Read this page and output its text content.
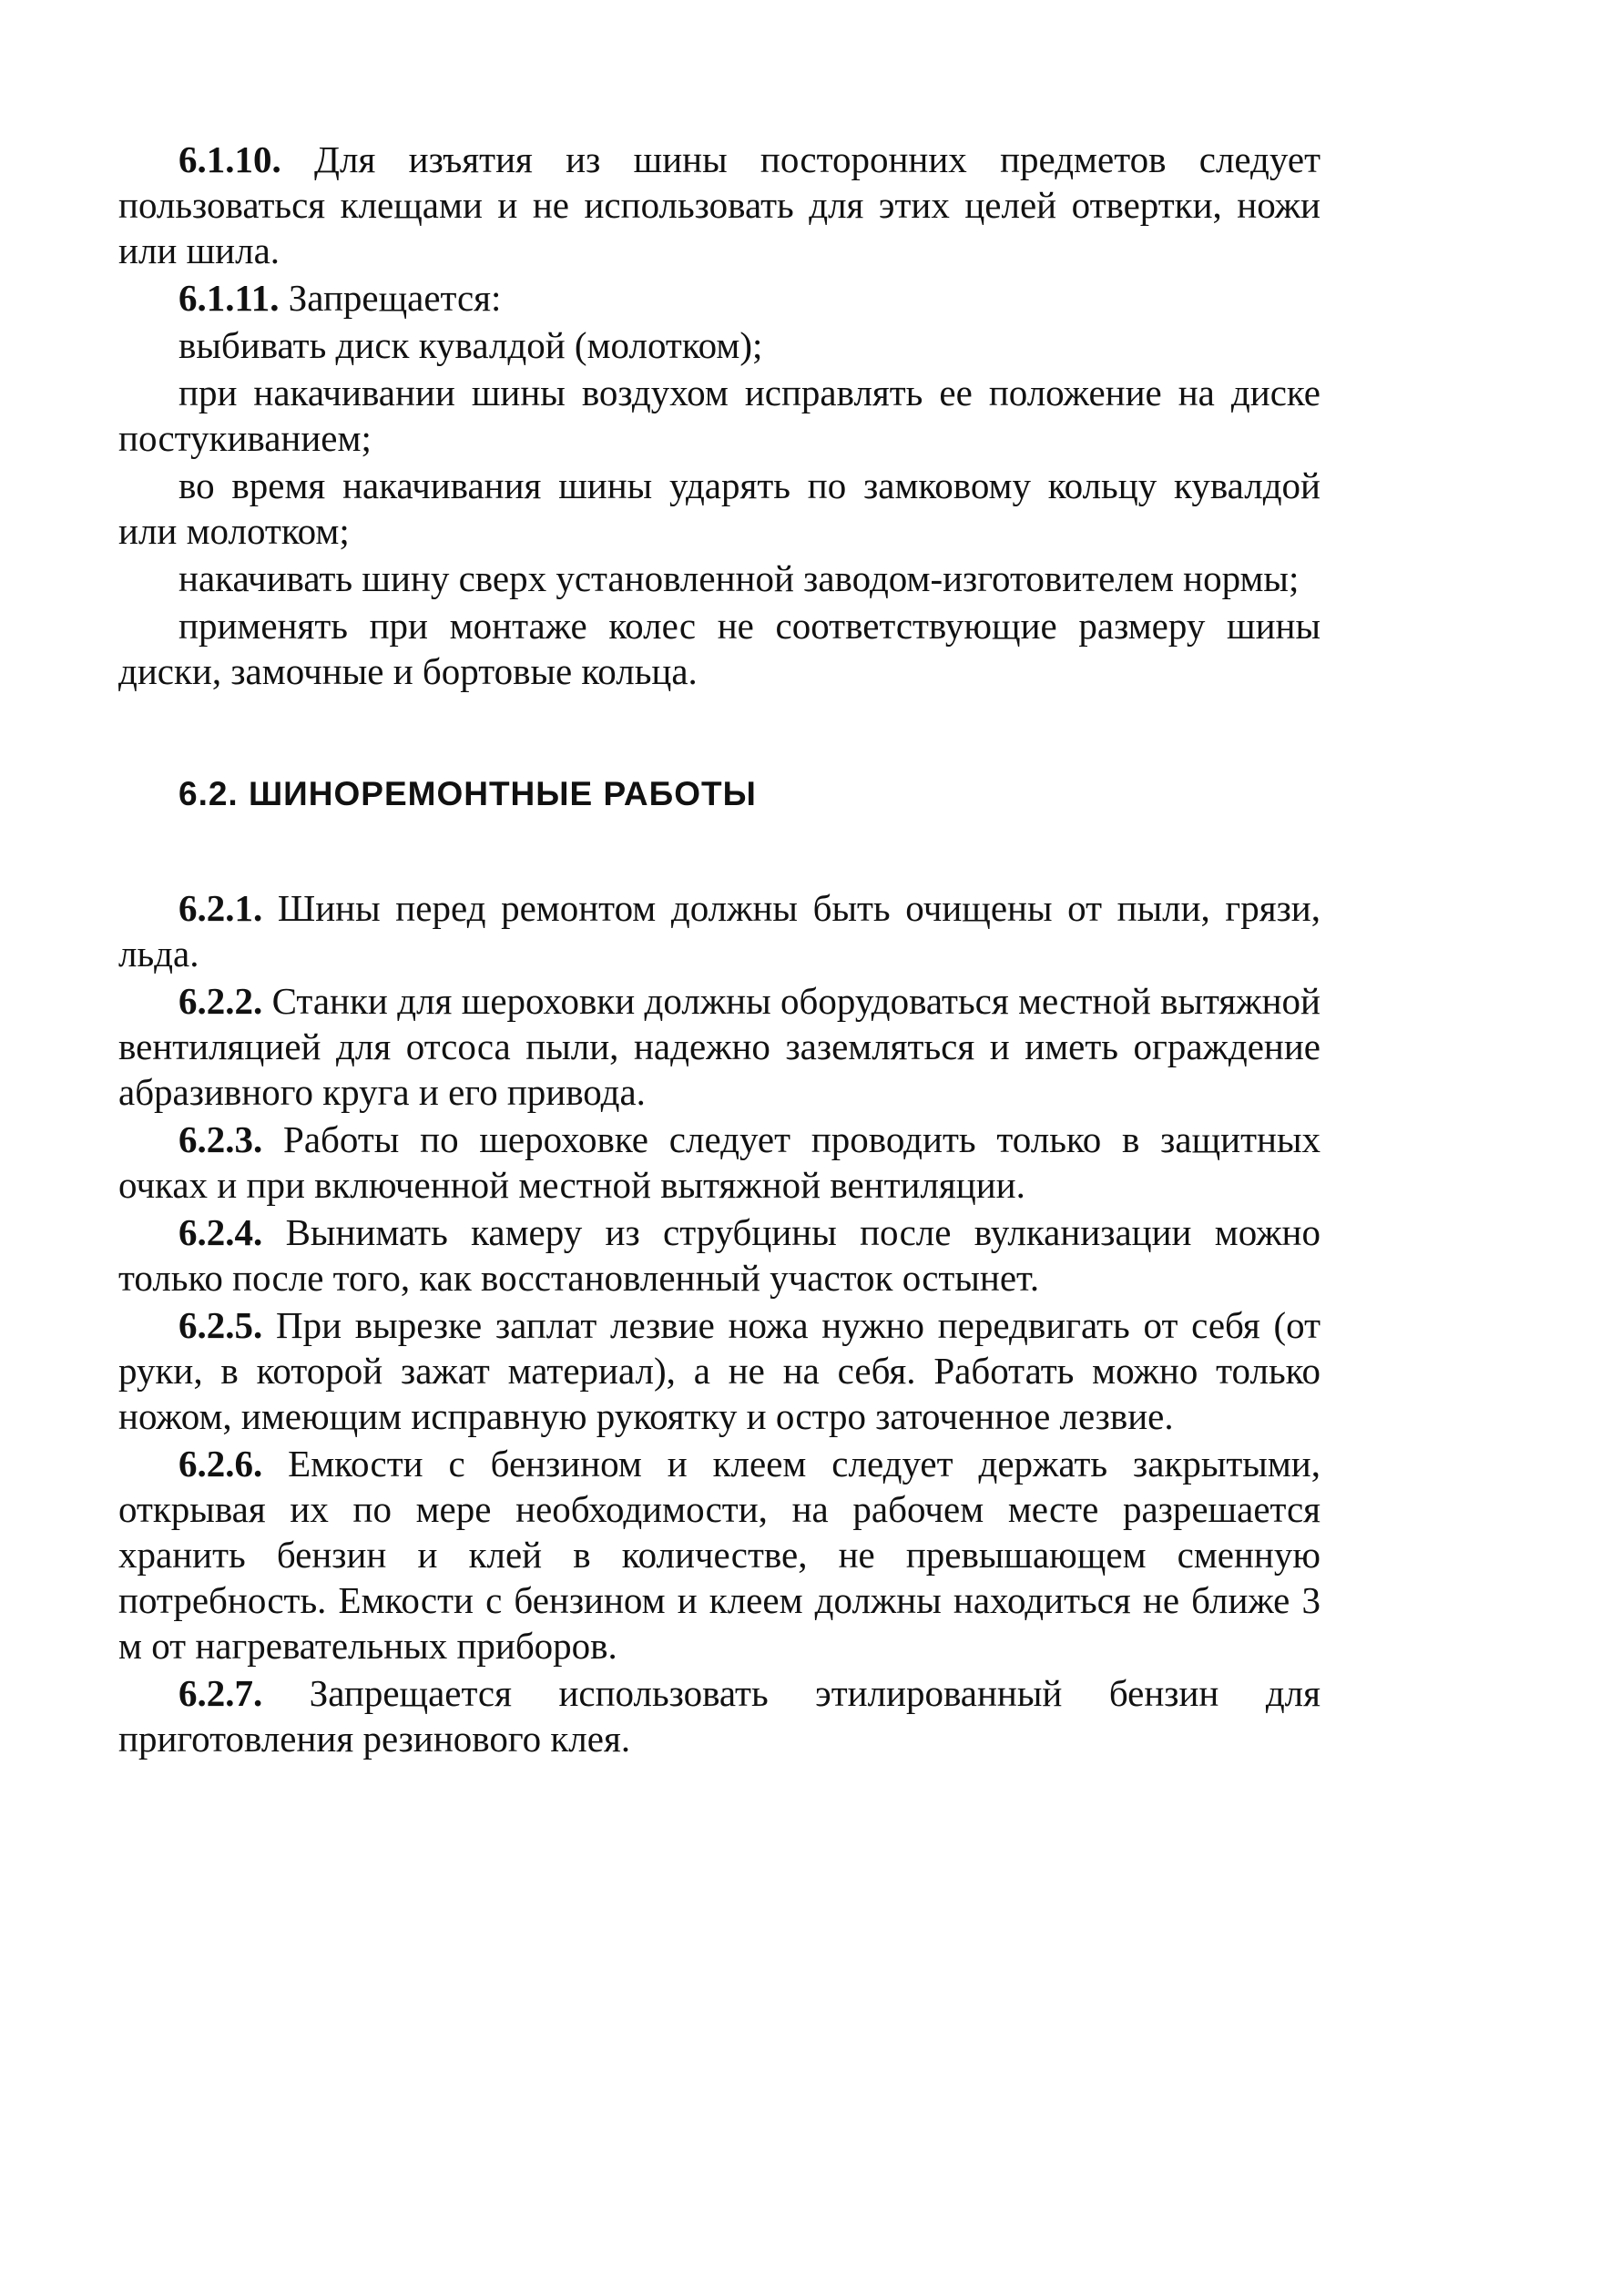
6.1.10. Для изъятия из шины посторонних предметов следует пользоваться клещами и не использовать для этих целей отвертки, ножи или шила.

6.1.11. Запрещается:

выбивать диск кувалдой (молотком);

при накачивании шины воздухом исправлять ее положение на диске постукиванием;

во время накачивания шины ударять по замковому кольцу кувалдой или молотком;

накачивать шину сверх установленной заводом-изготовителем нормы;

применять при монтаже колес не соответствующие размеру шины диски, замочные и бортовые кольца.

6.2. ШИНОРЕМОНТНЫЕ РАБОТЫ

6.2.1. Шины перед ремонтом должны быть очищены от пыли, грязи, льда.

6.2.2. Станки для шероховки должны оборудоваться местной вытяжной вентиляцией для отсоса пыли, надежно заземляться и иметь ограждение абразивного круга и его привода.

6.2.3. Работы по шероховке следует проводить только в защитных очках и при включенной местной вытяжной вентиляции.

6.2.4. Вынимать камеру из струбцины после вулканизации можно только после того, как восстановленный участок остынет.

6.2.5. При вырезке заплат лезвие ножа нужно передвигать от себя (от руки, в которой зажат материал), а не на себя. Работать можно только ножом, имеющим исправную рукоятку и остро заточенное лезвие.

6.2.6. Емкости с бензином и клеем следует держать закрытыми, открывая их по мере необходимости, на рабочем месте разрешается хранить бензин и клей в количестве, не превышающем сменную потребность. Емкости с бензином и клеем должны находиться не ближе 3 м от нагревательных приборов.

6.2.7. Запрещается использовать этилированный бензин для приготовления резинового клея.
